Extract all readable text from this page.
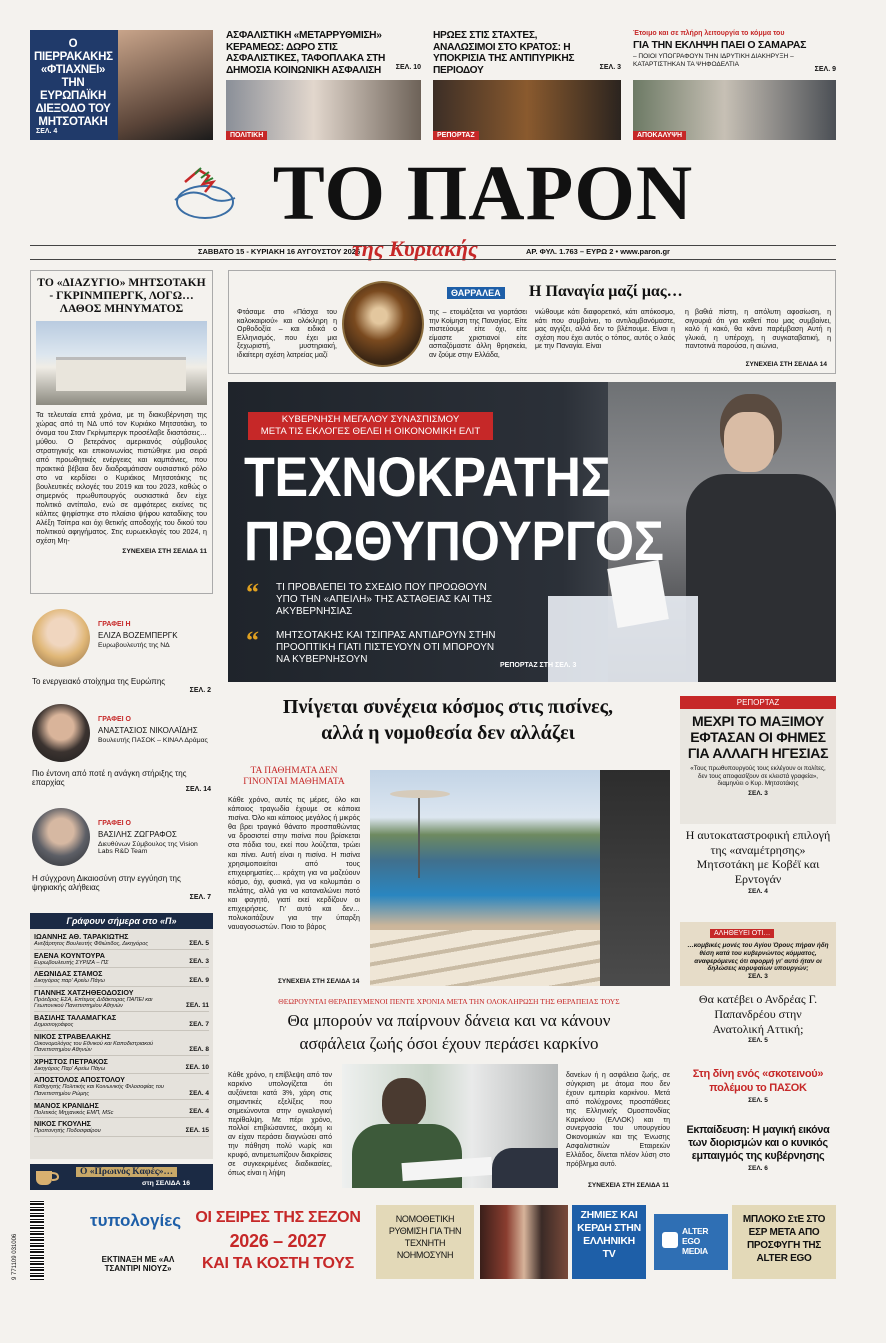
Ο ΠΙΕΡΡΑΚΑΚΗΣ «ΦΤΙΑΧΝΕΙ» ΤΗΝ ΕΥΡΩΠΑΪΚΗ ΔΙΕΞΟΔΟ ΤΟΥ ΜΗΤΣΟΤΑΚΗ
ΣΕΛ. 4
ΑΣΦΑΛΙΣΤΙΚΗ «ΜΕΤΑΡΡΥΘΜΙΣΗ» ΚΕΡΑΜΕΩΣ: ΔΩΡΟ ΣΤΙΣ ΑΣΦΑΛΙΣΤΙΚΕΣ, ΤΑΦΟΠΛΑΚΑ ΣΤΗ ΔΗΜΟΣΙΑ ΚΟΙΝΩΝΙΚΗ ΑΣΦΑΛΙΣΗ	ΣΕΛ. 10
ΠΟΛΙΤΙΚΗ
ΗΡΩΕΣ ΣΤΙΣ ΣΤΑΧΤΕΣ, ΑΝΑΛΩΣΙΜΟΙ ΣΤΟ ΚΡΑΤΟΣ: Η ΥΠΟΚΡΙΣΙΑ ΤΗΣ ΑΝΤΙΠΥΡΙΚΗΣ ΠΕΡΙΟΔΟΥ	ΣΕΛ. 3
ΡΕΠΟΡΤΑΖ
Έτοιμο και σε πλήρη λειτουργία το κόμμα του
ΓΙΑ ΤΗΝ ΕΚΛΗΨΗ ΠΑΕΙ Ο ΣΑΜΑΡΑΣ
– ΠΟΙΟΙ ΥΠΟΓΡΑΦΟΥΝ ΤΗΝ ΙΔΡΥΤΙΚΗ ΔΙΑΚΗΡΥΞΗ – ΚΑΤΑΡΤΙΣΤΗΚΑΝ ΤΑ ΨΗΦΟΔΕΛΤΙΑ
ΣΕΛ. 9
ΑΠΟΚΑΛΥΨΗ
ΤΟ ΠΑΡΟΝ
ΣΑΒΒΑΤΟ 15 - ΚΥΡΙΑΚΗ 16 ΑΥΓΟΥΣΤΟΥ 2026
της Κυριακής	ΑΡ. ΦΥΛ. 1.763 – ΕΥΡΩ 2 • www.paron.gr
ΤΟ «ΔΙΑΖΥΓΙΟ» ΜΗΤΣΟΤΑΚΗ - ΓΚΡΙΝΜΠΕΡΓΚ, ΛΟΓΩ… ΛΑΘΟΣ ΜΗΝΥΜΑΤΟΣ
Τα τελευταία επτά χρόνια, με τη διακυβέρνηση της χώρας από τη ΝΔ υπό τον Κυριάκο Μητσοτάκη, το όνομα του Σταν Γκρίνμπεργκ προσέλαβε διαστάσεις… μύθου. Ο βετεράνος αμερικανός σύμβουλος στρατηγικής και επικοινωνίας πιστώθηκε μια σειρά από προωθητικές ενέργειες και καμπάνιες, που πρακτικά βέβαια δεν διαδραμάτισαν ουσιαστικό ρόλο στο να κερδίσει ο Κυριάκος Μητσοτάκης τις βουλευτικές εκλογές του 2019 και του 2023, καθώς ο σημερινός πρωθυπουργός ουσιαστικά δεν είχε πολιτικό αντίπαλο, ενώ σε αμφότερες εκείνες τις κάλπες ψηφίστηκε στο πλαίσιο ψήφου καταδίκης του Αλέξη Τσίπρα και όχι θετικής αποδοχής του δικού του πολιτικού αφηγήματος. Στις ευρωεκλογές του 2024, η σχέση Μη-
ΣΥΝΕΧΕΙΑ ΣΤΗ ΣΕΛΙΔΑ 11
ΓΡΑΦΕΙ Η
ΕΛΙΖΑ ΒΟΖΕΜΠΕΡΓΚ
Ευρωβουλευτής της ΝΔ
Το ενεργειακό στοίχημα της Ευρώπης
ΣΕΛ. 2
ΓΡΑΦΕΙ Ο
ΑΝΑΣΤΑΣΙΟΣ ΝΙΚΟΛΑΪΔΗΣ
Βουλευτής ΠΑΣΟΚ – ΚΙΝΑΛ Δράμας
Πιο έντονη από ποτέ η ανάγκη στήριξης της επαρχίας
ΣΕΛ. 14
ΓΡΑΦΕΙ Ο
ΒΑΣΙΛΗΣ ΖΩΓΡΑΦΟΣ
Διευθύνων Σύμβουλος της Vision Labs R&D Team
Η σύγχρονη Δικαιοσύνη στην εγγύηση της ψηφιακής αλήθειας
ΣΕΛ. 7
Γράφουν σήμερα στο «Π»
ΙΩΑΝΝΗΣ ΑΘ. ΤΑΡΑΚΙΩΤΗΣ
Ανεξάρτητος Βουλευτής Φθιώτιδος, Δικηγόρος	ΣΕΛ. 5
ΕΛΕΝΑ ΚΟΥΝΤΟΥΡΑ
Ευρωβουλευτής ΣΥΡΙΖΑ – ΠΣ	ΣΕΛ. 3
ΛΕΩΝΙΔΑΣ ΣΤΑΜΟΣ
Δικηγόρος παρ' Αρείω Πάγω	ΣΕΛ. 9
ΓΙΑΝΝΗΣ ΧΑΤΖΗΘΕΟΔΟΣΙΟΥ
Πρόεδρος ΕΣΑ, Επίτιμος Διδάκτορας ΠΑΠΕΙ και Γεωπονικού Πανεπιστημίου Αθηνών	ΣΕΛ. 11
ΒΑΣΙΛΗΣ ΤΑΛΑΜΑΓΚΑΣ
Δημοσιογράφος	ΣΕΛ. 7
ΝΙΚΟΣ ΣΤΡΑΒΕΛΑΚΗΣ
Οικονομολόγος του Εθνικού και Καποδιστριακού Πανεπιστημίου Αθηνών	ΣΕΛ. 8
ΧΡΗΣΤΟΣ ΠΕΤΡΑΚΟΣ
Δικηγόρος Παρ' Αρείω Πάγω	ΣΕΛ. 10
ΑΠΟΣΤΟΛΟΣ ΑΠΟΣΤΟΛΟΥ
Καθηγητής Πολιτικής και Κοινωνικής Φιλοσοφίας του Πανεπιστημίου Ρώμης	ΣΕΛ. 4
ΜΑΝΟΣ ΚΡΑΝΙΔΗΣ
Πολιτικός Μηχανικός ΕΜΠ, MSc	ΣΕΛ. 4
ΝΙΚΟΣ ΓΚΟΥΛΗΣ
Προπονητής Ποδοσφαίρου	ΣΕΛ. 15
Ο «Πρωινός Καφές»…
στη ΣΕΛΙΔΑ 16
ΘΑΡΡΑΛΕΑ Η Παναγία μαζί μας…
Φτάσαμε στο «Πάσχα του καλοκαιριού» και ολόκληρη η Ορθοδοξία – και ειδικά ο Ελληνισμός, που έχει μια ξεχωριστή, μυστηριακή, ιδιαίτερη σχέση λατρείας μαζί
της – ετοιμάζεται να γιορτάσει την Κοίμηση της Παναγίας. Είτε πιστεύουμε είτε όχι, είτε είμαστε χριστιανοί είτε ασπαζόμαστε άλλη θρησκεία, αν ζούμε στην Ελλάδα,
νιώθουμε κάτι διαφορετικό, κάτι απόκοσμο, κάτι που συμβαίνει, το αντιλαμβανόμαστε, μας αγγίζει, αλλά δεν το βλέπουμε. Είναι η σχέση που έχει αυτός ο τόπος, αυτός ο λαός με την Παναγία. Είναι
η βαθιά πίστη, η απόλυτη αφοσίωση, η σιγουριά ότι για καθετί που μας συμβαίνει, καλό ή κακό, θα κάνει παρέμβαση Αυτή η γλυκιά, η υπέροχη, η συγκαταβατική, η παντοτινά παρούσα, η αιώνια,
ΣΥΝΕΧΕΙΑ ΣΤΗ ΣΕΛΙΔΑ 14
ΚΥΒΕΡΝΗΣΗ ΜΕΓΑΛΟΥ ΣΥΝΑΣΠΙΣΜΟΥ
ΜΕΤΑ ΤΙΣ ΕΚΛΟΓΕΣ ΘΕΛΕΙ Η ΟΙΚΟΝΟΜΙΚΗ ΕΛΙΤ
ΤΕΧΝΟΚΡΑΤΗΣ
ΠΡΩΘΥΠΟΥΡΓΟΣ
“ ΤΙ ΠΡΟΒΛΕΠΕΙ ΤΟ ΣΧΕΔΙΟ ΠΟΥ ΠΡΟΩΘΟΥΝ ΥΠΟ ΤΗΝ «ΑΠΕΙΛΗ» ΤΗΣ ΑΣΤΑΘΕΙΑΣ ΚΑΙ ΤΗΣ ΑΚΥΒΕΡΝΗΣΙΑΣ
“ ΜΗΤΣΟΤΑΚΗΣ ΚΑΙ ΤΣΙΠΡΑΣ ΑΝΤΙΔΡΟΥΝ ΣΤΗΝ ΠΡΟΟΠΤΙΚΗ ΓΙΑΤΙ ΠΙΣΤΕΥΟΥΝ ΟΤΙ ΜΠΟΡΟΥΝ ΝΑ ΚΥΒΕΡΝΗΣΟΥΝ
ΡΕΠΟΡΤΑΖ ΣΤΗ ΣΕΛ. 3
Πνίγεται συνέχεια κόσμος στις πισίνες,
αλλά η νομοθεσία δεν αλλάζει
ΤΑ ΠΑΘΗΜΑΤΑ ΔΕΝ ΓΙΝΟΝΤΑΙ ΜΑΘΗΜΑΤΑ
Κάθε χρόνο, αυτές τις μέρες, όλο και κάποιος τραγωδία έχουμε σε κάποια πισίνα. Όλο και κάποιος μεγάλος ή μικρός θα βρει τραγικό θάνατο προσπαθώντας να δροσιστεί στην πισίνα που βρίσκεται στα πόδια του, εκεί που λούζεται, τρώει και πίνει. Αυτή είναι η πισίνα. Η πισίνα χρησιμοποιείται από τους επιχειρηματίες… κράχτη για να μαζεύουν κόσμο, όχι, φυσικά, για να κολυμπάει ο πελάτης, αλλά για να καταναλώνει ποτό και φαγητό, γιατί εκεί κερδίζουν οι επιχειρήσεις. Γι' αυτό και δεν… πολυκοιτάζουν για την ύπαρξη ναυαγοσωστών. Ποιο το βάρος
ΣΥΝΕΧΕΙΑ ΣΤΗ ΣΕΛΙΔΑ 14
ΘΕΩΡΟΥΝΤΑΙ ΘΕΡΑΠΕΥΜΕΝΟΙ ΠΕΝΤΕ ΧΡΟΝΙΑ ΜΕΤΑ ΤΗΝ ΟΛΟΚΛΗΡΩΣΗ ΤΗΣ ΘΕΡΑΠΕΙΑΣ ΤΟΥΣ
Θα μπορούν να παίρνουν δάνεια και να κάνουν
ασφάλεια ζωής όσοι έχουν περάσει καρκίνο
Κάθε χρόνο, η επίβλεψη από τον καρκίνο υπολογίζεται ότι αυξάνεται κατά 3%, χάρη στις σημαντικές εξελίξεις που σημειώνονται στην ογκολογική περίθαλψη. Με πέρι χρόνο, πολλοί επιβιώσαντες, ακόμη κι αν είχαν περάσει διαγνώσει από την πάθηση πολύ νωρίς και κρυφό, αντιμετωπίζουν διακρίσεις σε συγκεκριμένες διαδικασίες, όπως είναι η λήψη
δανείων ή η ασφάλεια ζωής, σε σύγκριση με άτομα που δεν έχουν εμπειρία καρκίνου. Μετά από πολύχρονες προσπάθειες της Ελληνικής Ομοσπονδίας Καρκίνου (ΕΛΛΟΚ) και τη συνεργασία του υπουργείου Οικονομικών και της Ένωσης Ασφαλιστικών Εταιρειών Ελλάδος, δίνεται πλέον λύση στο πρόβλημα αυτό.
ΣΥΝΕΧΕΙΑ ΣΤΗ ΣΕΛΙΔΑ 11
ΡΕΠΟΡΤΑΖ
ΜΕΧΡΙ ΤΟ ΜΑΞΙΜΟΥ ΕΦΤΑΣΑΝ ΟΙ ΦΗΜΕΣ ΓΙΑ ΑΛΛΑΓΗ ΗΓΕΣΙΑΣ
«Τους πρωθυπουργούς τους εκλέγουν οι πολίτες, δεν τους αποφασίζουν σε κλειστά γραφεία», διαμηνύει ο Κυρ. Μητσοτάκης
ΣΕΛ. 3
Η αυτοκαταστροφική επιλογή της «αναμέτρησης» Μητσοτάκη με Κοβέϊ και Ερντογάν
ΣΕΛ. 4
ΑΛΗΘΕΥΕΙ ΟΤΙ…
…κομβικές μονές του Αγίου Όρους πήραν ήδη θέση κατά του κυβερνώντος κόμματος, αναφερόμενες ότι αφορμή γι' αυτό ήταν οι δηλώσεις κορυφαίων υπουργών;
ΣΕΛ. 3
Θα κατέβει ο Ανδρέας Γ. Παπανδρέου στην Ανατολική Αττική;
ΣΕΛ. 5
Στη δίνη ενός «σκοτεινού» πολέμου το ΠΑΣΟΚ
ΣΕΛ. 5
Εκπαίδευση: Η μαγική εικόνα των διορισμών και ο κυνικός εμπαιγμός της κυβέρνησης
ΣΕΛ. 6
9 771109 031006
τυπολογίες
ΕΚΤΙΝΑΞΗ ΜΕ «ΑΛ ΤΣΑΝΤΙΡΙ ΝΙΟΥΖ»
ΟΙ ΣΕΙΡΕΣ ΤΗΣ ΣΕΖΟΝ
2026 – 2027
ΚΑΙ ΤΑ ΚΟΣΤΗ ΤΟΥΣ
ΝΟΜΟΘΕΤΙΚΗ ΡΥΘΜΙΣΗ ΓΙΑ ΤΗΝ ΤΕΧΝΗΤΗ ΝΟΗΜΟΣΥΝΗ
ΖΗΜΙΕΣ ΚΑΙ ΚΕΡΔΗ ΣΤΗΝ ΕΛΛΗΝΙΚΗ TV
ALTER EGO MEDIA
ΜΠΛΟΚΟ ΣτΕ ΣΤΟ ΕΣΡ ΜΕΤΑ ΑΠΟ ΠΡΟΣΦΥΓΗ ΤΗΣ ALTER EGO
